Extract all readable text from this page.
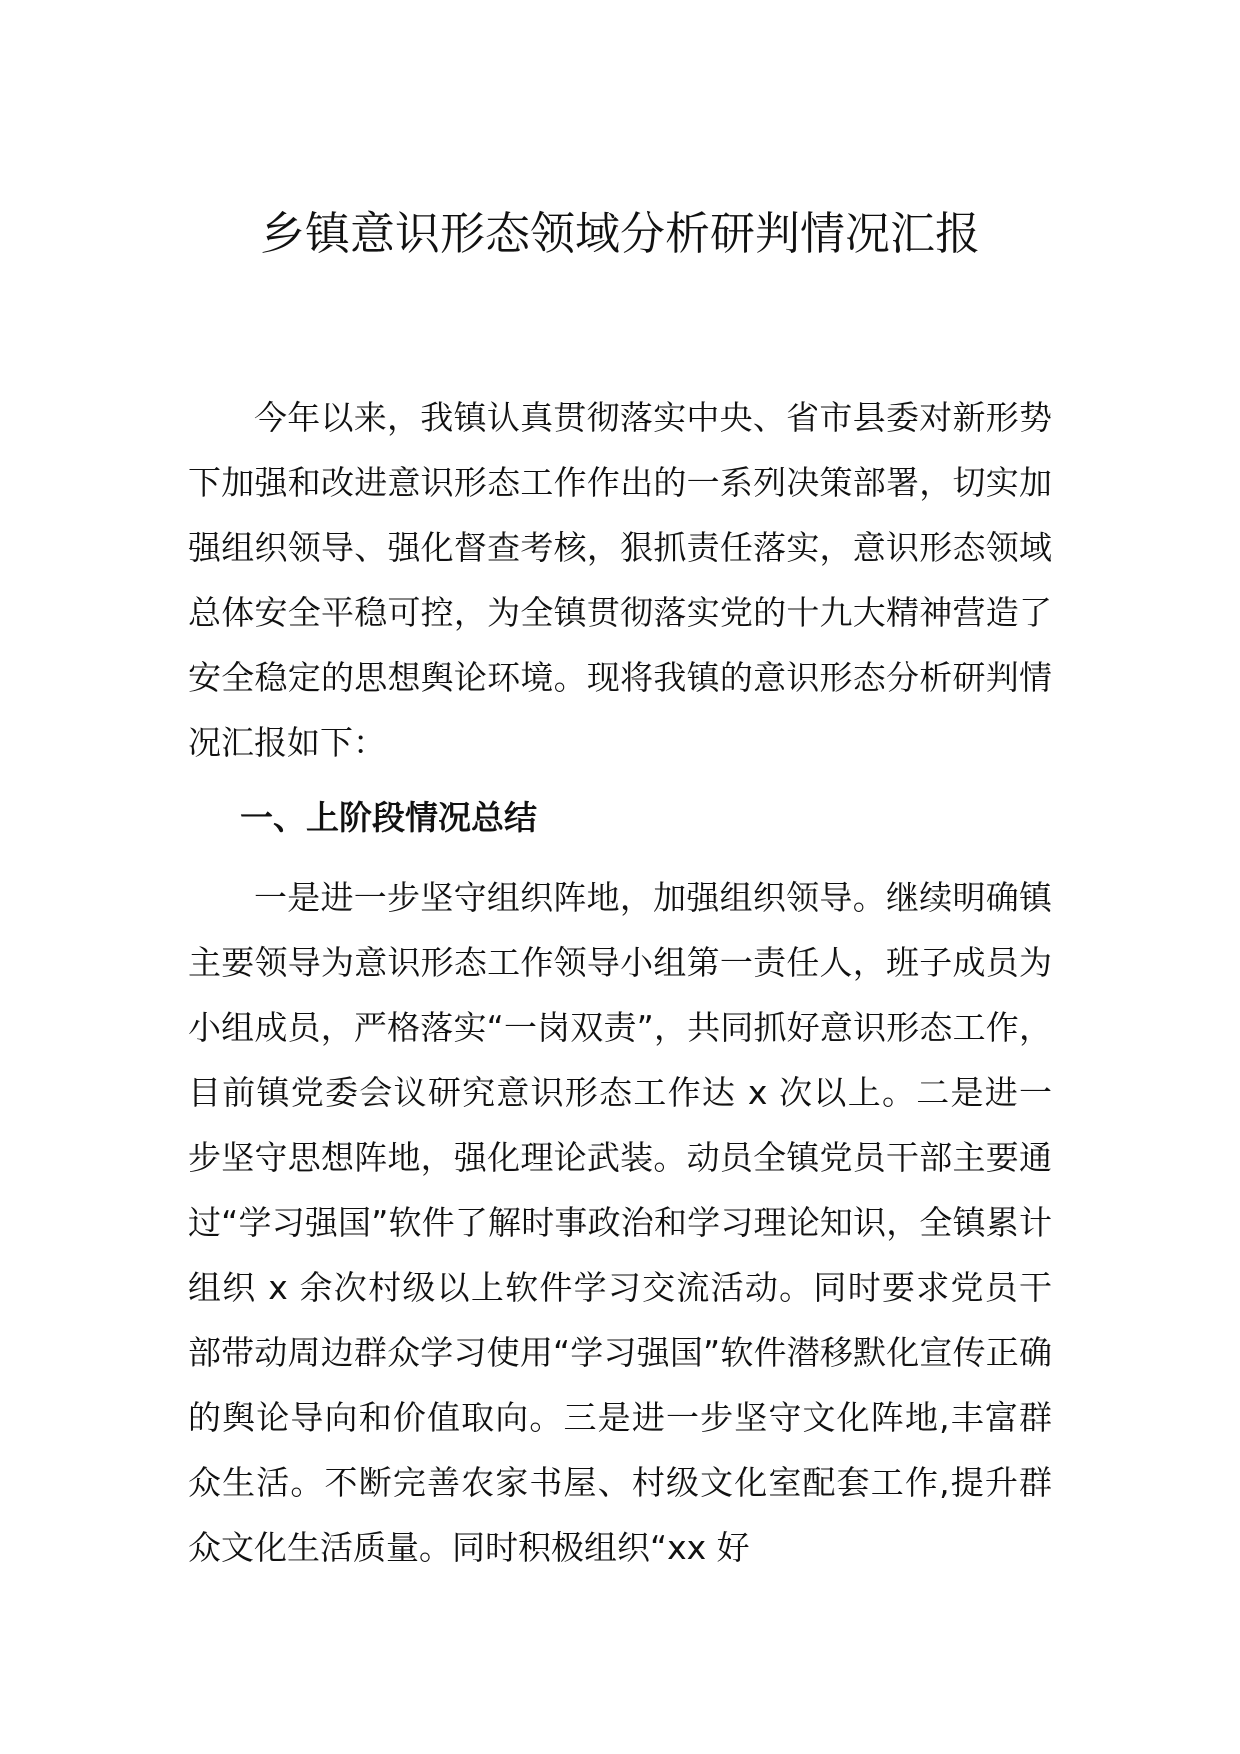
乡镇意识形态领域分析研判情况汇报

今年以来，我镇认真贯彻落实中央、省市县委对新形势下加强和改进意识形态工作作出的一系列决策部署，切实加强组织领导、强化督查考核，狠抓责任落实，意识形态领域总体安全平稳可控，为全镇贯彻落实党的十九大精神营造了安全稳定的思想舆论环境。现将我镇的意识形态分析研判情况汇报如下：

一、上阶段情况总结

一是进一步坚守组织阵地，加强组织领导。继续明确镇主要领导为意识形态工作领导小组第一责任人，班子成员为小组成员，严格落实“一岗双责”，共同抓好意识形态工作，目前镇党委会议研究意识形态工作达 x 次以上。二是进一步坚守思想阵地，强化理论武装。动员全镇党员干部主要通过“学习强国”软件了解时事政治和学习理论知识，全镇累计组织 x 余次村级以上软件学习交流活动。同时要求党员干部带动周边群众学习使用“学习强国”软件潜移默化宣传正确的舆论导向和价值取向。三是进一步坚守文化阵地,丰富群众生活。不断完善农家书屋、村级文化室配套工作,提升群众文化生活质量。同时积极组织“xx 好
